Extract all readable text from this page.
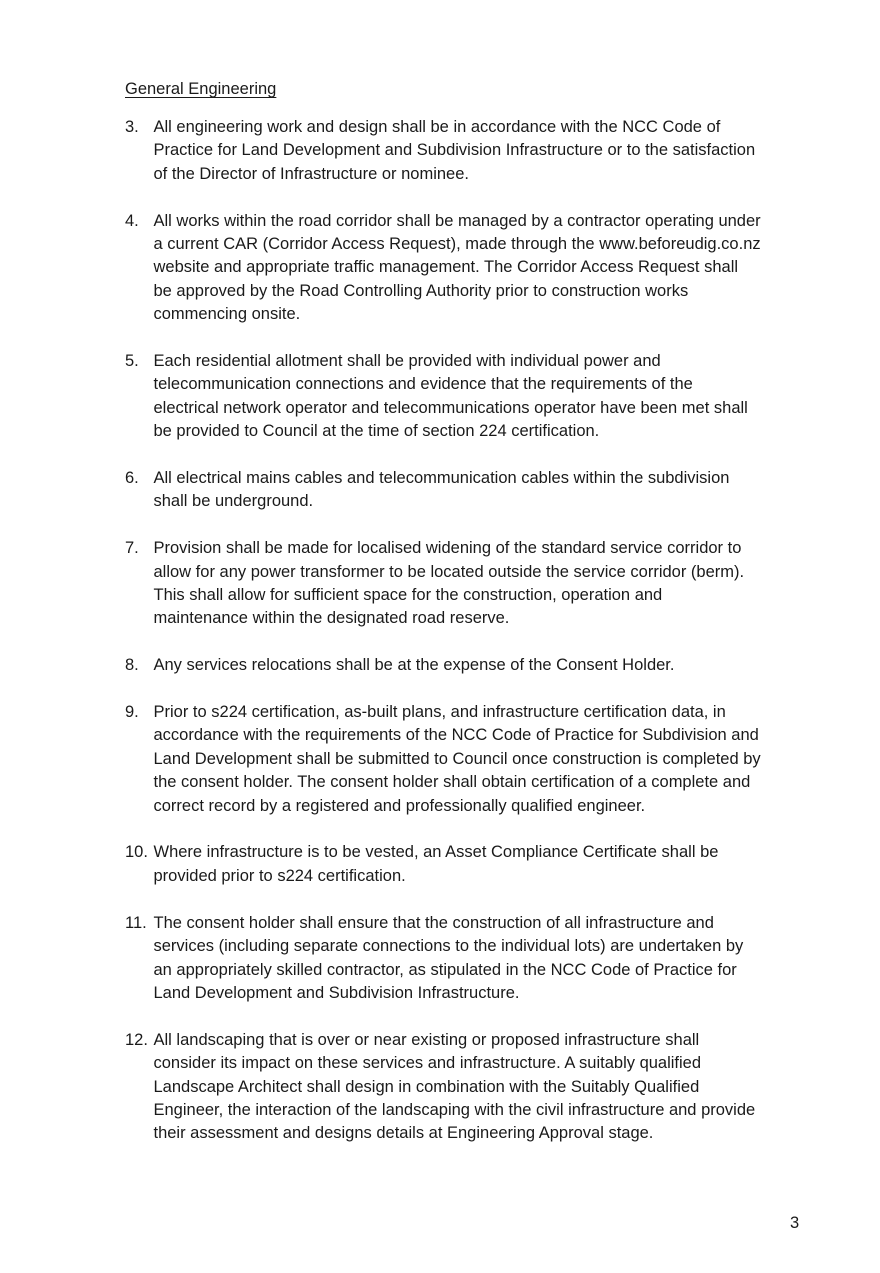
General Engineering
3. All engineering work and design shall be in accordance with the NCC Code of
Practice for Land Development and Subdivision Infrastructure or to the satisfaction
of the Director of Infrastructure or nominee.
4. All works within the road corridor shall be managed by a contractor operating under
a current CAR (Corridor Access Request), made through the www.beforeudig.co.nz
website and appropriate traffic management. The Corridor Access Request shall
be approved by the Road Controlling Authority prior to construction works
commencing onsite.
5. Each residential allotment shall be provided with individual power and
telecommunication connections and evidence that the requirements of the
electrical network operator and telecommunications operator have been met shall
be provided to Council at the time of section 224 certification.
6. All electrical mains cables and telecommunication cables within the subdivision
shall be underground.
7. Provision shall be made for localised widening of the standard service corridor to
allow for any power transformer to be located outside the service corridor (berm).
This shall allow for sufficient space for the construction, operation and
maintenance within the designated road reserve.
8. Any services relocations shall be at the expense of the Consent Holder.
9. Prior to s224 certification, as-built plans, and infrastructure certification data, in
accordance with the requirements of the NCC Code of Practice for Subdivision and
Land Development shall be submitted to Council once construction is completed by
the consent holder. The consent holder shall obtain certification of a complete and
correct record by a registered and professionally qualified engineer.
10. Where infrastructure is to be vested, an Asset Compliance Certificate shall be
provided prior to s224 certification.
11. The consent holder shall ensure that the construction of all infrastructure and
services (including separate connections to the individual lots) are undertaken by
an appropriately skilled contractor, as stipulated in the NCC Code of Practice for
Land Development and Subdivision Infrastructure.
12. All landscaping that is over or near existing or proposed infrastructure shall
consider its impact on these services and infrastructure. A suitably qualified
Landscape Architect shall design in combination with the Suitably Qualified
Engineer, the interaction of the landscaping with the civil infrastructure and provide
their assessment and designs details at Engineering Approval stage.
3
